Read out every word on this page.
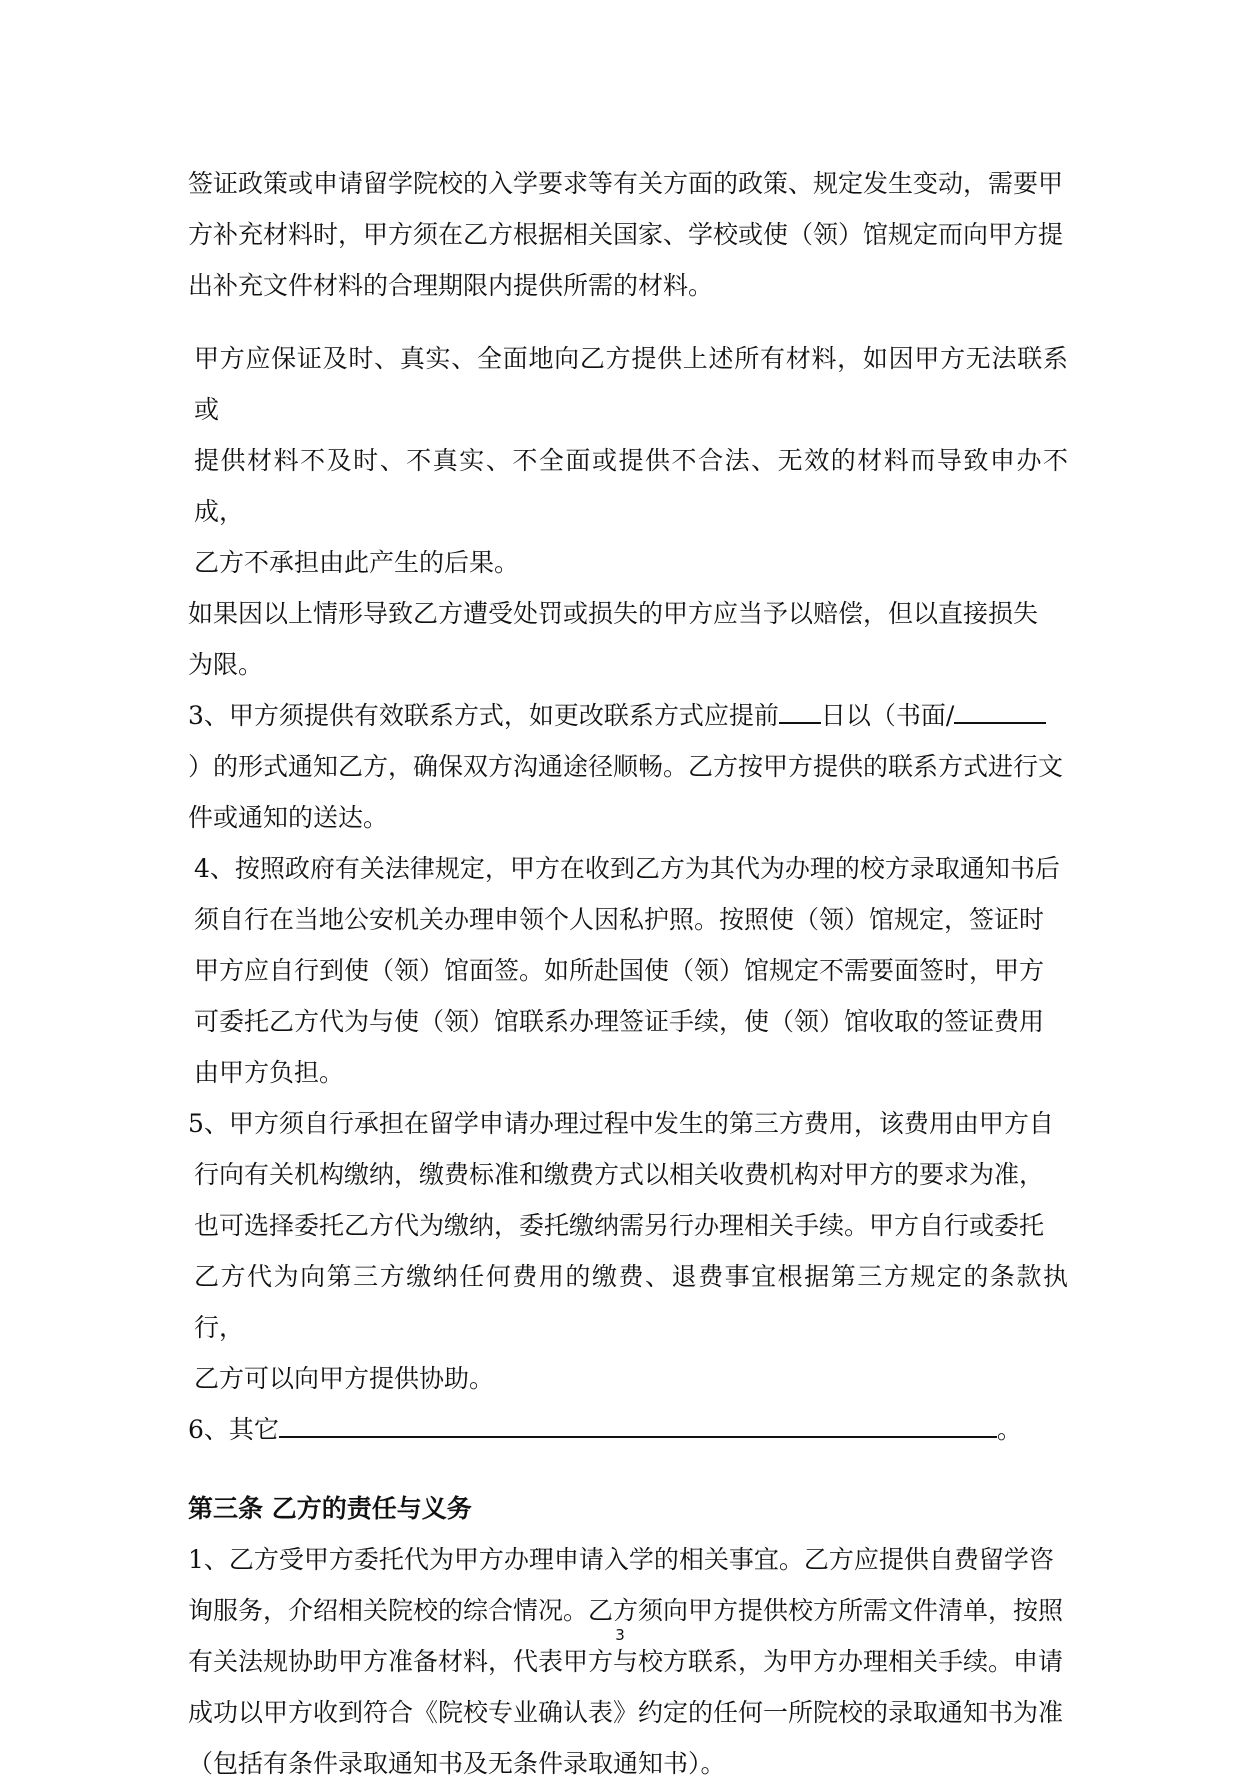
签证政策或申请留学院校的入学要求等有关方面的政策、规定发生变动，需要甲

方补充材料时，甲方须在乙方根据相关国家、学校或使（领）馆规定而向甲方提

出补充文件材料的合理期限内提供所需的材料。

甲方应保证及时、真实、全面地向乙方提供上述所有材料，如因甲方无法联系或

提供材料不及时、不真实、不全面或提供不合法、无效的材料而导致申办不成，

乙方不承担由此产生的后果。

如果因以上情形导致乙方遭受处罚或损失的甲方应当予以赔偿，但以直接损失

为限。

3、甲方须提供有效联系方式，如更改联系方式应提前 日以（书面/

）的形式通知乙方，确保双方沟通途径顺畅。乙方按甲方提供的联系方式进行文

件或通知的送达。

4、按照政府有关法律规定，甲方在收到乙方为其代为办理的校方录取通知书后

须自行在当地公安机关办理申领个人因私护照。按照使（领）馆规定，签证时

甲方应自行到使（领）馆面签。如所赴国使（领）馆规定不需要面签时，甲方

可委托乙方代为与使（领）馆联系办理签证手续，使（领）馆收取的签证费用

由甲方负担。

5、甲方须自行承担在留学申请办理过程中发生的第三方费用，该费用由甲方自

行向有关机构缴纳，缴费标准和缴费方式以相关收费机构对甲方的要求为准，

也可选择委托乙方代为缴纳，委托缴纳需另行办理相关手续。甲方自行或委托

乙方代为向第三方缴纳任何费用的缴费、退费事宜根据第三方规定的条款执行，

乙方可以向甲方提供协助。

6、其它	。

第三条 乙方的责任与义务

1、乙方受甲方委托代为甲方办理申请入学的相关事宜。乙方应提供自费留学咨

询服务，介绍相关院校的综合情况。乙方须向甲方提供校方所需文件清单，按照

有关法规协助甲方准备材料，代表甲方与校方联系，为甲方办理相关手续。申请

成功以甲方收到符合《院校专业确认表》约定的任何一所院校的录取通知书为准

（包括有条件录取通知书及无条件录取通知书）。

3
